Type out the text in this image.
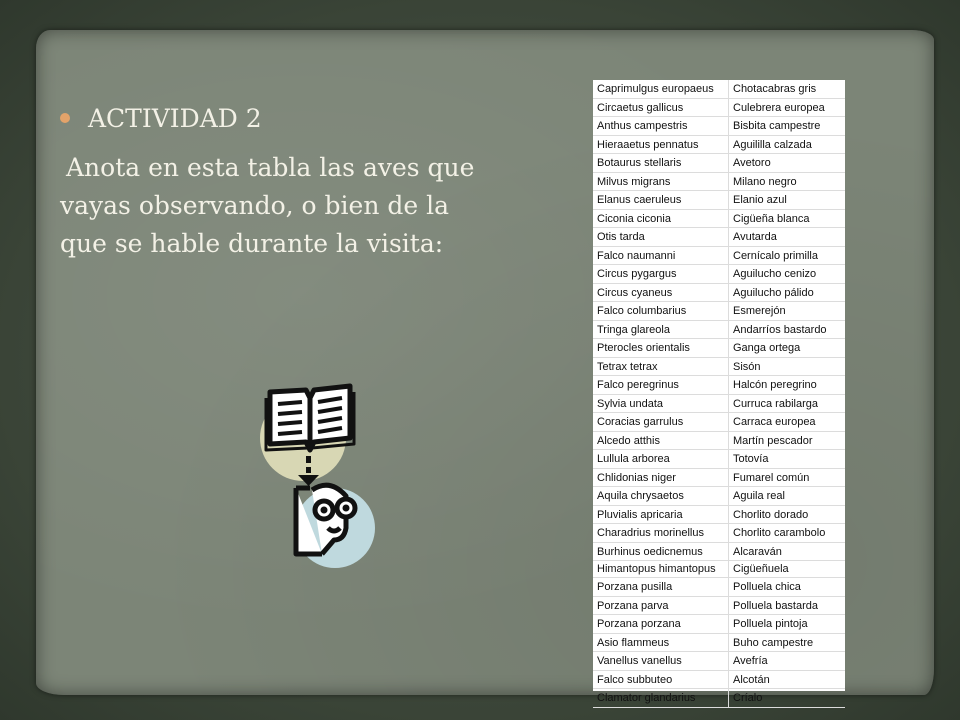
ACTIVIDAD 2
Anota en esta tabla las aves que
vayas observando, o bien de la
que se hable durante la visita:
Caprimulgus europaeus	Chotacabras gris
Circaetus gallicus	Culebrera europea
Anthus campestris	Bisbita campestre
Hieraaetus pennatus	Aguililla calzada
Botaurus stellaris	Avetoro
Milvus migrans	Milano negro
Elanus caeruleus	Elanio azul
Ciconia ciconia	Cigüeña blanca
Otis tarda	Avutarda
Falco naumanni	Cernícalo primilla
Circus pygargus	Aguilucho cenizo
Circus cyaneus	Aguilucho pálido
Falco columbarius	Esmerejón
Tringa glareola	Andarríos bastardo
Pterocles orientalis	Ganga ortega
Tetrax tetrax	Sisón
Falco peregrinus	Halcón peregrino
Sylvia undata	Curruca rabilarga
Coracias garrulus	Carraca europea
Alcedo atthis	Martín pescador
Lullula arborea	Totovía
Chlidonias niger	Fumarel común
Aquila chrysaetos	Aguila real
Pluvialis apricaria	Chorlito dorado
Charadrius morinellus	Chorlito carambolo
Burhinus oedicnemus	Alcaraván
Himantopus himantopus	Cigüeñuela
Porzana pusilla	Polluela chica
Porzana parva	Polluela bastarda
Porzana porzana	Polluela pintoja
Asio flammeus	Buho campestre
Vanellus vanellus	Avefría
Falco subbuteo	Alcotán
Clamator glandarius	Críalo
